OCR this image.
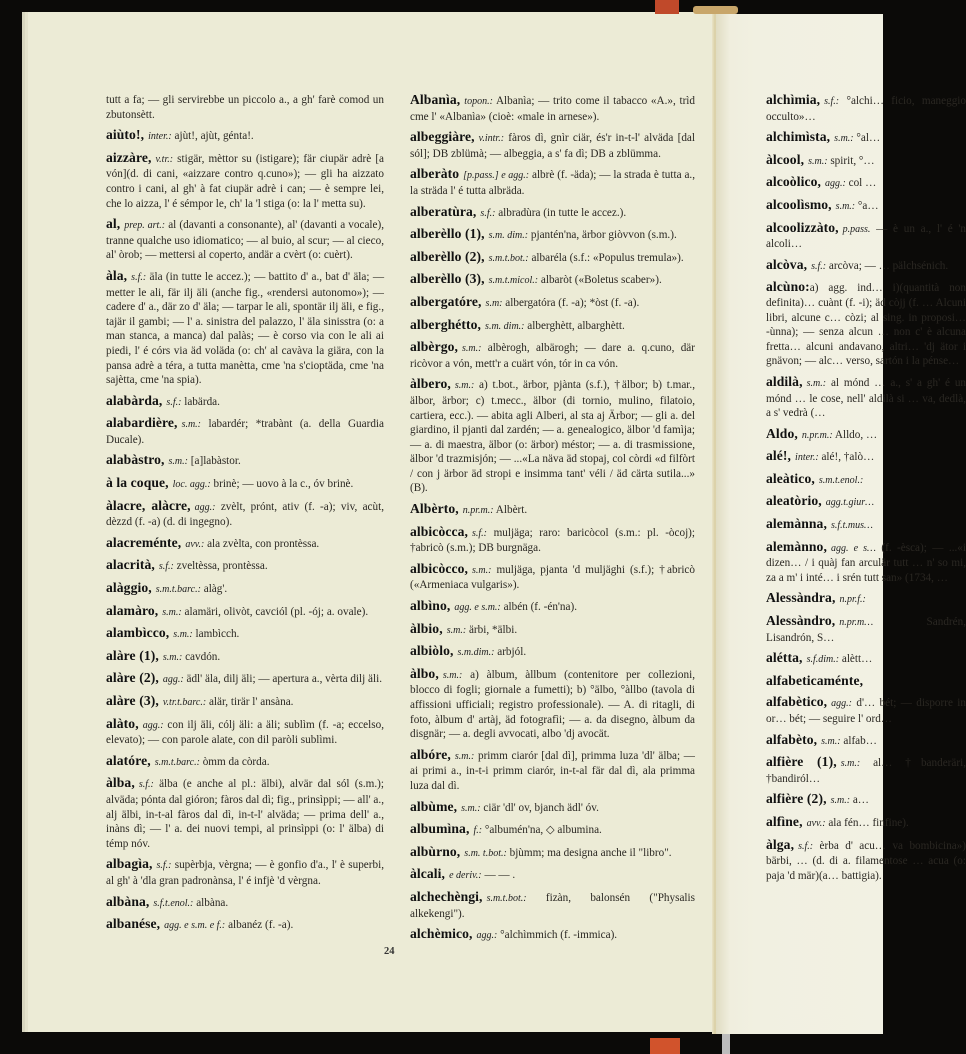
tutt a fa; — gli servirebbe un piccolo a., a gh' farè comod un zbutonsètt.
aiùto!, inter.: ajùt!, ajùt, génta!.
aizzàre, v.tr.: stigär, mèttor su (istigare); fär ciupär adrè [a vón](d. di cani, «aizzare contro q.cuno»); — gli ha aizzato contro i cani, al gh' à fat ciupär adrè i can; — è sempre lei, che lo aizza, l' é sémpor le, ch' la 'l stiga (o: la l' metta su).
al, prep. art.: al (davanti a consonante), al' (davanti a vocale), tranne qualche uso idiomatico; — al buio, al scur; — al cieco, al' òrob; — mettersi al coperto, andär a cvèrt (o: cuèrt).
àla, s.f.: äla (in tutte le accez.); — battito d' a., bat d' äla; — metter le ali, fär ilj äli (anche fig., «rendersi autonomo»); — cadere d' a., där zo d' äla; — tarpar le ali, spontär ilj äli, e fig., tajär il gambi; — l' a. sinistra del palazzo, l' äla sinisstra (o: a man stanca, a manca) dal palàs; — è corso via con le ali ai piedi, l' é córs via äd voläda (o: ch' al cavàva la giära, con la pansa adrè a téra, a tutta manètta, cme 'na s'cioptäda, cme 'na sajètta, cme 'na spia).
alabàrda, s.f.: labärda.
alabardière, s.m.: labardér; *trabànt (a. della Guardia Ducale).
alabàstro, s.m.: [a]labàstor.
à la coque, loc. agg.: brinè; — uovo à la c., óv brinè.
àlacre, alàcre, agg.: zvèlt, prónt, ativ (f. -a); viv, acùt, dèzzd (f. -a) (d. di ingegno).
alacreménte, avv.: ala zvèlta, con prontèssa.
alacrità, s.f.: zveltèssa, prontèssa.
alàggio, s.m.t.barc.: alàg'.
alamàro, s.m.: alamäri, olivòt, cavciól (pl. -ój; a. ovale).
alambìcco, s.m.: lambìcch.
alàre (1), s.m.: cavdón.
alàre (2), agg.: ädl' äla, dilj äli; — apertura a., vèrta dilj äli.
alàre (3), v.tr.t.barc.: alär, tirär l' ansàna.
alàto, agg.: con ilj äli, cólj äli: a äli; sublìm (f. -a; eccelso, elevato); — con parole alate, con dil paròli sublìmi.
alatóre, s.m.t.barc.: òmm da còrda.
àlba, s.f.: älba (e anche al pl.: älbi), alvär dal sól (s.m.); alväda; pónta dal gióron; fàros dal dì; fig., prinsìppi; — all' a., alj älbi, in-t-al fàros dal dì, in-t-l' alväda; — prima dell' a., inàns dì; — l' a. dei nuovi tempi, al prinsìppi (o: l' älba) di témp nóv.
albagìa, s.f.: supèrbja, vèrgna; — è gonfio d'a., l' è superbi, al gh' à 'dla gran padronànsa, l' é infjè 'd vèrgna.
albàna, s.f.t.enol.: albàna.
albanése, agg. e s.m. e f.: albanéz (f. -a).
Albanìa, topon.: Albanìa; — trito come il tabacco «A.», trìd cme l' «Albanìa» (cioè: «male in arnese»).
albeggiàre, v.intr.: fàros dì, gnìr ciär, és'r in-t-l' alväda [dal sól]; DB zblümà; — albeggia, a s' fa dì; DB a zblümma.
alberàto [p.pass.] e agg.: albrè (f. -äda); — la strada è tutta a., la sträda l' é tutta albräda.
alberatùra, s.f.: albradùra (in tutte le accez.).
alberèllo (1), s.m. dim.: pjantén'na, ärbor giòvvon (s.m.).
alberèllo (2), s.m.t.bot.: albaréla (s.f.: «Populus tremula»).
alberèllo (3), s.m.t.micol.: albaròt («Boletus scaber»).
albergatóre, s.m: albergatóra (f. -a); *òst (f. -a).
alberghétto, s.m. dim.: alberghètt, albarghètt.
albèrgo, s.m.: albèrogh, albärogh; — dare a. q.cuno, där ricòvor a vón, mett'r a cuärt vón, tór in ca vón.
àlbero, s.m.: a) t.bot., ärbor, pjànta (s.f.), †älbor; b) t.mar., älbor, ärbor; c) t.mecc., älbor (di tornio, mulino, filatoio, cartiera, ecc.). — abita agli Alberi, al sta aj Ärbor; — gli a. del giardino, il pjanti dal zardén; — a. genealogico, älbor 'd famìja; — a. di maestra, älbor (o: ärbor) méstor; — a. di trasmissione, älbor 'd trazmisjón; — ...«La näva äd stopaj, col còrdi «d filfòrt / con j ärbor äd stropi e insimma tant' véli / äd cärta sutila...» (B).
Albèrto, n.pr.m.: Albèrt.
albicòcca, s.f.: muljäga; raro: baricòcol (s.m.: pl. -òcoj); †abricò (s.m.); DB burgnäga.
albicòcco, s.m.: muljäga, pjanta 'd muljäghi (s.f.); †abricò («Armeniaca vulgaris»).
albìno, agg. e s.m.: albén (f. -én'na).
àlbio, s.m.: ärbi, *älbi.
albiòlo, s.m.dim.: arbjól.
àlbo, s.m.: a) àlbum, àllbum (contenitore per collezioni, blocco di fogli; giornale a fumetti); b) °älbo, °àllbo (tavola di affissioni ufficiali; registro professionale). — A. di ritagli, di foto, àlbum d' artàj, äd fotografìi; — a. da disegno, àlbum da disgnär; — a. degli avvocati, albo 'dj avocät.
albóre, s.m.: primm ciarór [dal dì], primma luza 'dl' älba; — ai primi a., in-t-i primm ciarór, in-t-al fär dal dì, ala primma luza dal dì.
albùme, s.m.: ciär 'dl' ov, bjanch ädl' óv.
albumìna, f.: °albumén'na, ◇ albumina.
albùrno, s.m. t.bot.: bjùmm; ma designa anche il "libro".
àlcali, e deriv.: — — .
alchechèngi, s.m.t.bot.: fizàn, balonsén ("Physalis alkekengi").
alchèmico, agg.: °alchìmmich (f. -immica).
alchìmia, s.f.: °alchi… ficio, maneggio occulto»…
alchimìsta, s.m.: °al…
àlcool, s.m.: spirit, °…
alcoòlico, agg.: col …
alcoolìsmo, s.m.: °a…
alcoolizzàto, p.pass. — è un a., l' é 'n alcoli…
alcòva, s.f.: arcòva; — … pälchsénich.
alcùno:a) agg. ind… i)(quantità non definita)… cuànt (f. -i); äd còjj (f. … Alcuni libri, alcune c… còzi; al sing. in proposi… -ùnna); — senza alcun … non c' è alcuna fretta… alcuni andavano, altri… 'dj ätor i gnävon; — alc… verso, sartón i la pénse…
aldilà, s.m.: al mónd … a., s' a gh' é un mónd … le cose, nell' aldilà si … va, dedlà, a s' vedrà (…
Aldo, n.pr.m.: Alldo, …
alé!, inter.: alé!, †alò…
aleàtico, s.m.t.enol.:
aleatòrio, agg.t.giur…
alemànna, s.f.t.mus…
alemànno, agg. e s… (f. -èsca); — ...«i dizen… / i quàj fan arculär tutt … n' so mi, za a m' i inté… i srén tutt san» (1734, …
Alessàndra, n.pr.f.:
Alessàndro, n.pr.m…	Sandrén, Lisandrón, S…
alétta, s.f.dim.: alètt…
alfabeticaménte,
alfabètico, agg.: d'… bét; — disporre in or… bét; — seguire l' ord…
alfabèto, s.m.: alfab…
alfière (1), s.m.: al… †banderäri, †bandiról…
alfière (2), s.m.: a…
alfìne, avv.: ala fén… finfine).
àlga, s.f.: èrba d' acu… va bombicina») bärbi, … (d. di a. filamentose … acua (o: paja 'd mär)(a… battigia).
24
